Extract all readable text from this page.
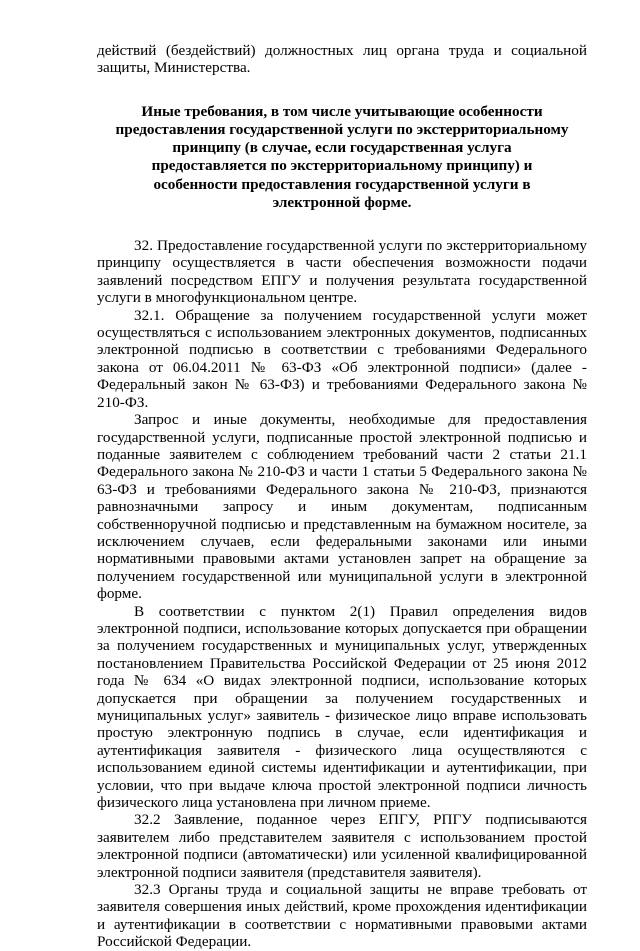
действий (бездействий) должностных лиц органа труда и социальной защиты, Министерства.

Иные требования, в том числе учитывающие особенности предоставления государственной услуги по экстерриториальному принципу (в случае, если государственная услуга предоставляется по экстерриториальному принципу) и особенности предоставления государственной услуги в электронной форме.

32. Предоставление государственной услуги по экстерриториальному принципу осуществляется в части обеспечения возможности подачи заявлений посредством ЕПГУ и получения результата государственной услуги в многофункциональном центре.

32.1. Обращение за получением государственной услуги может осуществляться с использованием электронных документов, подписанных электронной подписью в соответствии с требованиями Федерального закона от 06.04.2011 № 63-ФЗ «Об электронной подписи» (далее - Федеральный закон № 63-ФЗ) и требованиями Федерального закона № 210-ФЗ.

Запрос и иные документы, необходимые для предоставления государственной услуги, подписанные простой электронной подписью и поданные заявителем с соблюдением требований части 2 статьи 21.1 Федерального закона № 210-ФЗ и части 1 статьи 5 Федерального закона № 63-ФЗ и требованиями Федерального закона № 210-ФЗ, признаются равнозначными запросу и иным документам, подписанным собственноручной подписью и представленным на бумажном носителе, за исключением случаев, если федеральными законами или иными нормативными правовыми актами установлен запрет на обращение за получением государственной или муниципальной услуги в электронной форме.

В соответствии с пунктом 2(1) Правил определения видов электронной подписи, использование которых допускается при обращении за получением государственных и муниципальных услуг, утвержденных постановлением Правительства Российской Федерации от 25 июня 2012 года № 634 «О видах электронной подписи, использование которых допускается при обращении за получением государственных и муниципальных услуг» заявитель - физическое лицо вправе использовать простую электронную подпись в случае, если идентификация и аутентификация заявителя - физического лица осуществляются с использованием единой системы идентификации и аутентификации, при условии, что при выдаче ключа простой электронной подписи личность физического лица установлена при личном приеме.

32.2 Заявление, поданное через ЕПГУ, РПГУ подписываются заявителем либо представителем заявителя с использованием простой электронной подписи (автоматически) или усиленной квалифицированной электронной подписи заявителя (представителя заявителя).

32.3 Органы труда и социальной защиты не вправе требовать от заявителя совершения иных действий, кроме прохождения идентификации и аутентификации в соответствии с нормативными правовыми актами Российской Федерации.
